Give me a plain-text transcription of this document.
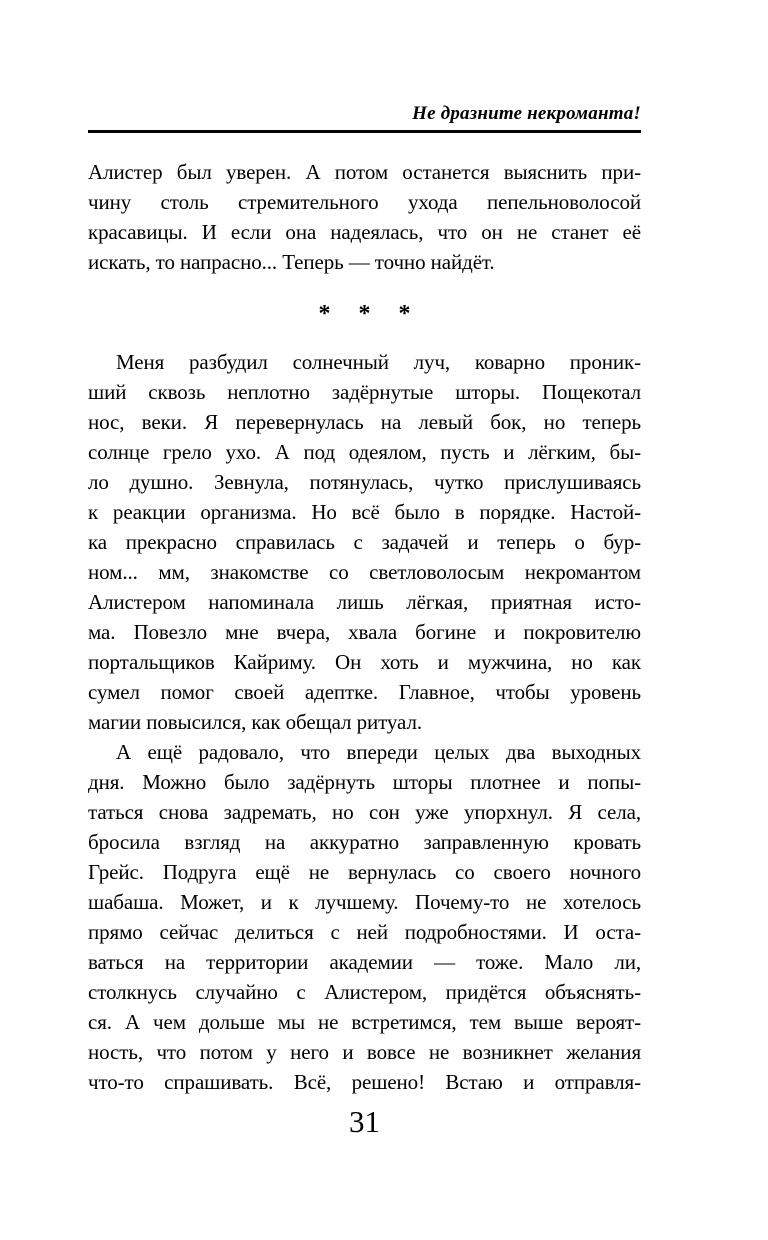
Не дразните некроманта!
Алистер был уверен. А потом останется выяснить при-
чину столь стремительного ухода пепельноволосой
красавицы. И если она надеялась, что он не станет её
искать, то напрасно... Теперь — точно найдёт.
* * *
Меня разбудил солнечный луч, коварно проник-
ший сквозь неплотно задёрнутые шторы. Пощекотал
нос, веки. Я перевернулась на левый бок, но теперь
солнце грело ухо. А под одеялом, пусть и лёгким, бы-
ло душно. Зевнула, потянулась, чутко прислушиваясь
к реакции организма. Но всё было в порядке. Настой-
ка прекрасно справилась с задачей и теперь о бур-
ном... мм, знакомстве со светловолосым некромантом
Алистером напоминала лишь лёгкая, приятная исто-
ма. Повезло мне вчера, хвала богине и покровителю
портальщиков Кайриму. Он хоть и мужчина, но как
сумел помог своей адептке. Главное, чтобы уровень
магии повысился, как обещал ритуал.
А ещё радовало, что впереди целых два выходных
дня. Можно было задёрнуть шторы плотнее и попы-
таться снова задремать, но сон уже упорхнул. Я села,
бросила взгляд на аккуратно заправленную кровать
Грейс. Подруга ещё не вернулась со своего ночного
шабаша. Может, и к лучшему. Почему-то не хотелось
прямо сейчас делиться с ней подробностями. И оста-
ваться на территории академии — тоже. Мало ли,
столкнусь случайно с Алистером, придётся объяснять-
ся. А чем дольше мы не встретимся, тем выше вероят-
ность, что потом у него и вовсе не возникнет желания
что-то спрашивать. Всё, решено! Встаю и отправля-
31
